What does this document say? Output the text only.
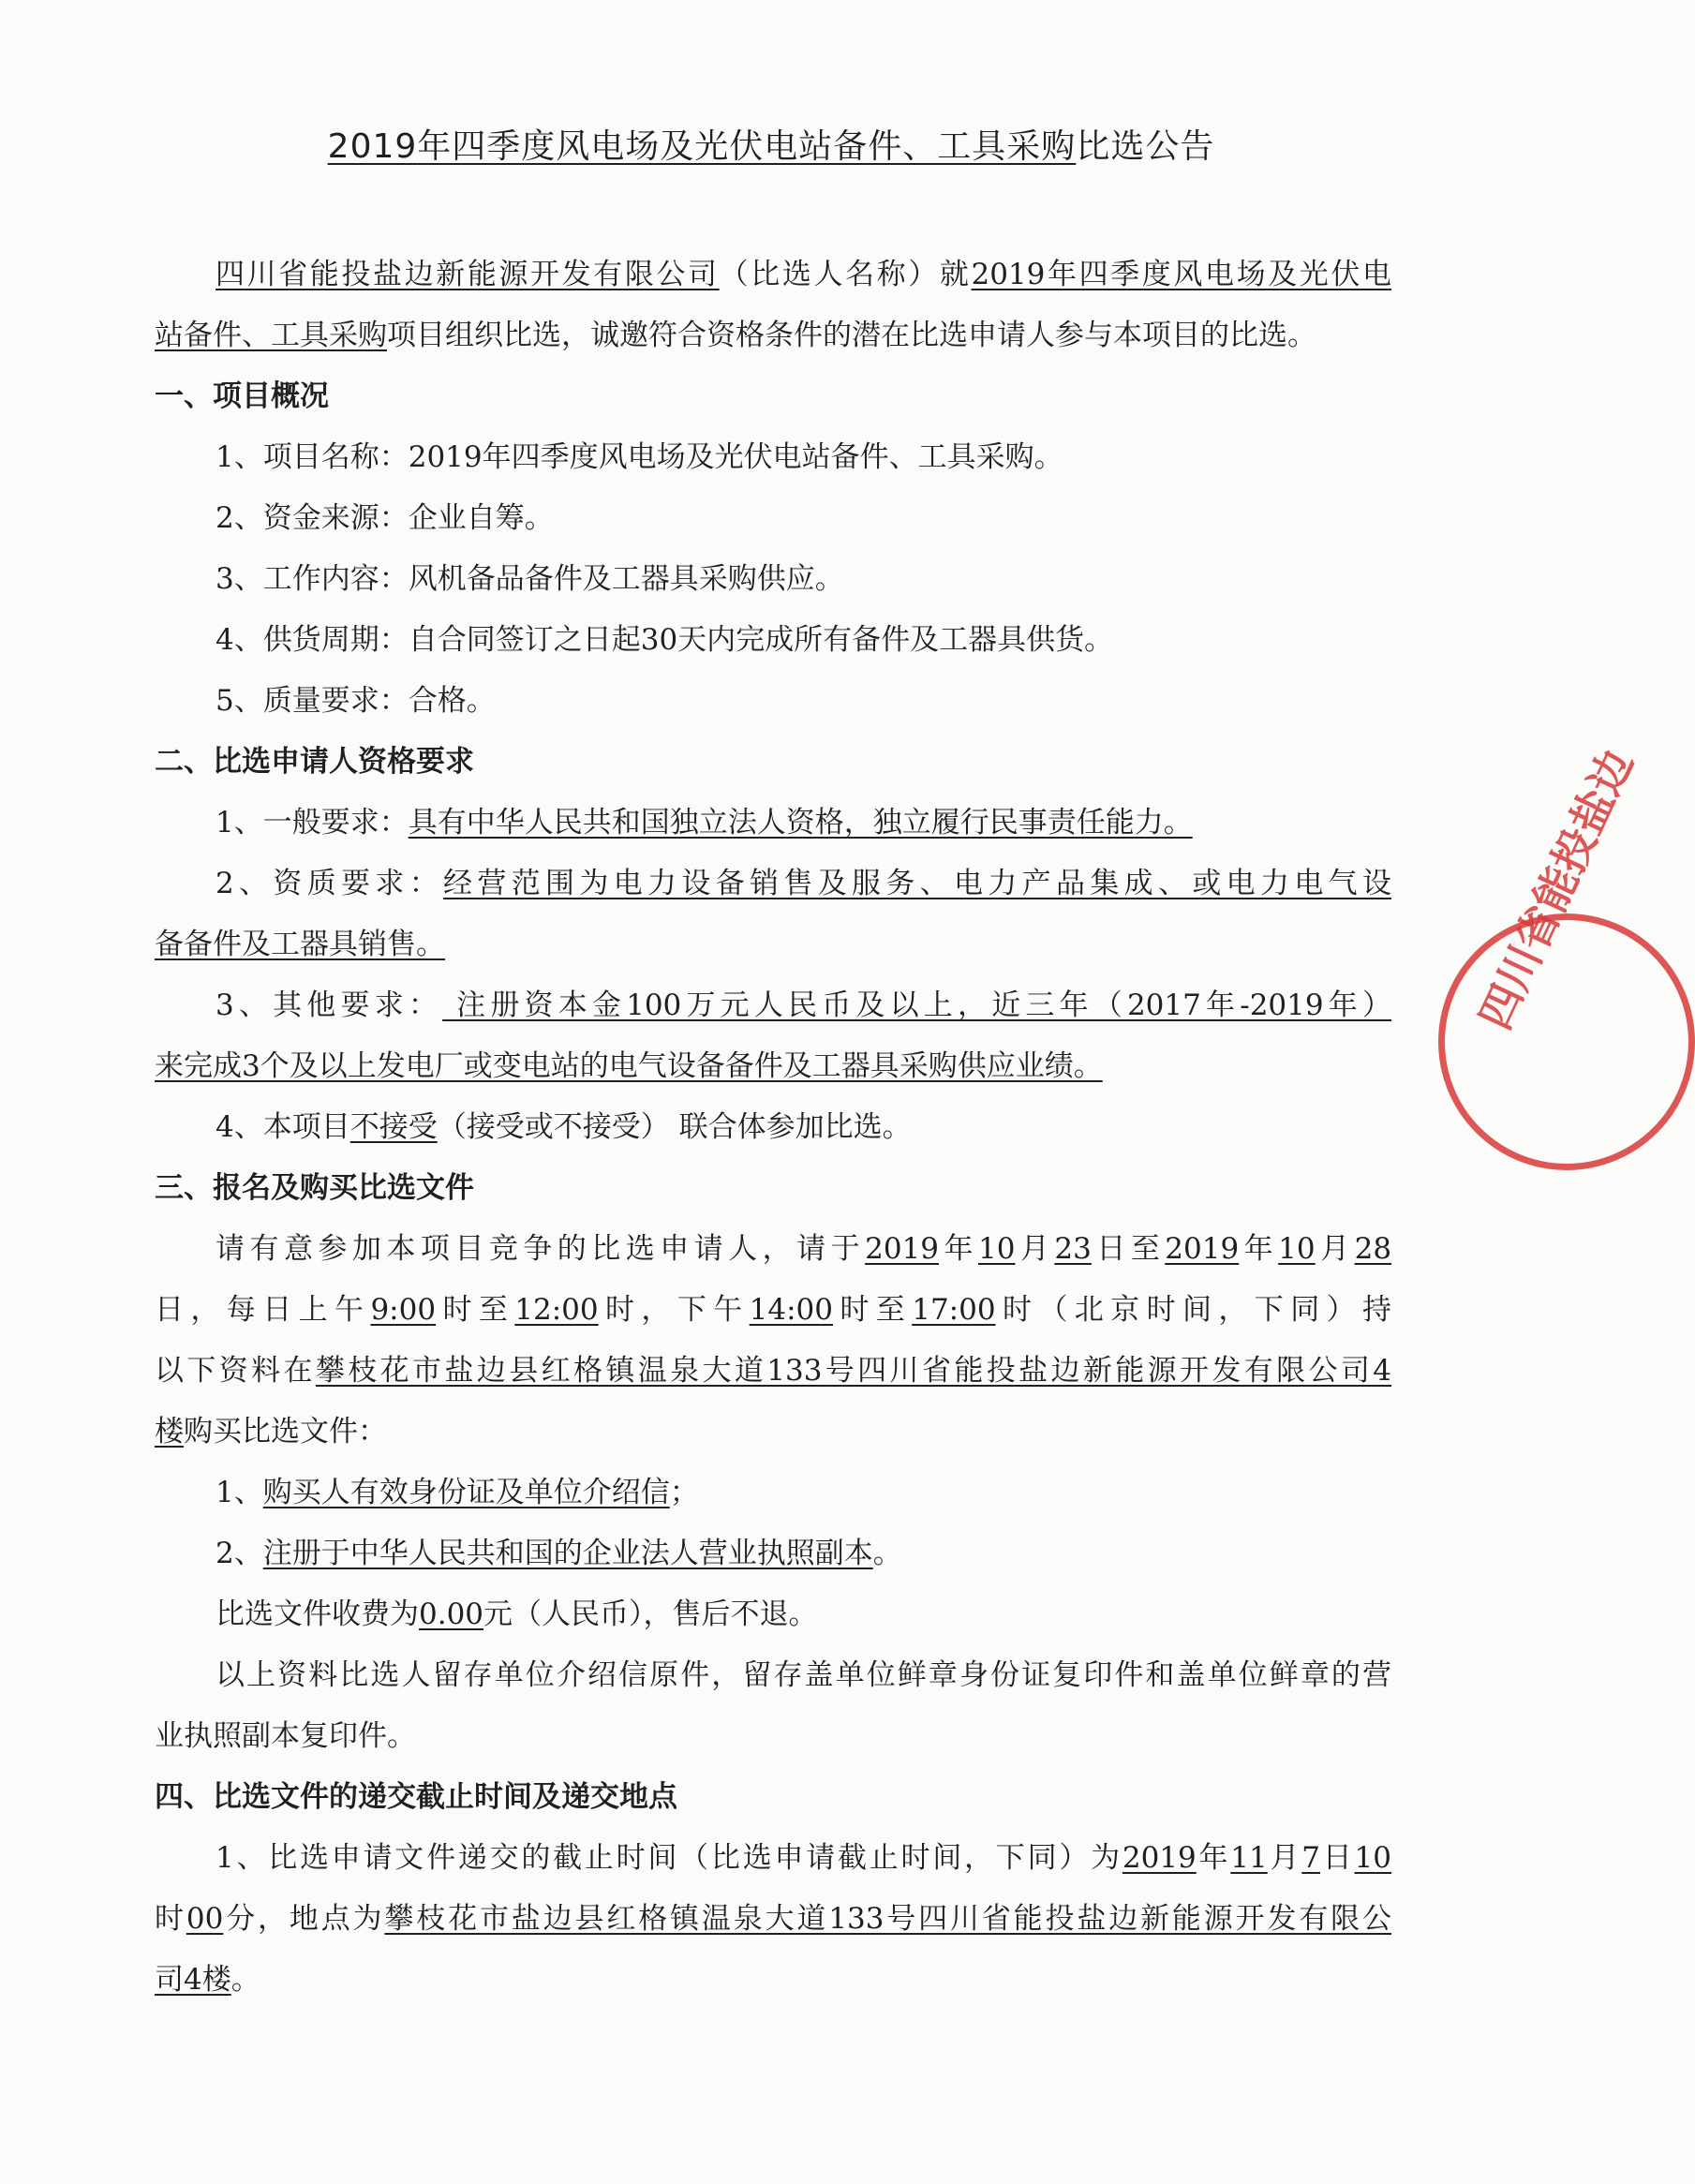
2019年四季度风电场及光伏电站备件、工具采购比选公告
四川省能投盐边新能源开发有限公司（比选人名称）就2019年四季度风电场及光伏电
站备件、工具采购项目组织比选，诚邀符合资格条件的潜在比选申请人参与本项目的比选。
一、项目概况
1、项目名称：2019年四季度风电场及光伏电站备件、工具采购。
2、资金来源：企业自筹。
3、工作内容：风机备品备件及工器具采购供应。
4、供货周期：自合同签订之日起30天内完成所有备件及工器具供货。
5、质量要求：合格。
二、比选申请人资格要求
1、一般要求：具有中华人民共和国独立法人资格，独立履行民事责任能力。
2、资质要求：经营范围为电力设备销售及服务、电力产品集成、或电力电气设
备备件及工器具销售。
3、其他要求： 注册资本金100万元人民币及以上，近三年（2017年-2019年）
来完成3个及以上发电厂或变电站的电气设备备件及工器具采购供应业绩。
4、本项目不接受（接受或不接受） 联合体参加比选。
三、报名及购买比选文件
请有意参加本项目竞争的比选申请人，请于2019年10月23日至2019年10月28
日，每日上午9:00时至12:00时，下午14:00时至17:00时（北京时间，下同）持
以下资料在攀枝花市盐边县红格镇温泉大道133号四川省能投盐边新能源开发有限公司4
楼购买比选文件：
1、购买人有效身份证及单位介绍信；
2、注册于中华人民共和国的企业法人营业执照副本。
比选文件收费为0.00元（人民币），售后不退。
以上资料比选人留存单位介绍信原件，留存盖单位鲜章身份证复印件和盖单位鲜章的营
业执照副本复印件。
四、比选文件的递交截止时间及递交地点
1、比选申请文件递交的截止时间（比选申请截止时间，下同）为2019年11月7日10
时00分，地点为攀枝花市盐边县红格镇温泉大道133号四川省能投盐边新能源开发有限公
司4楼。
四川省能投盐边
